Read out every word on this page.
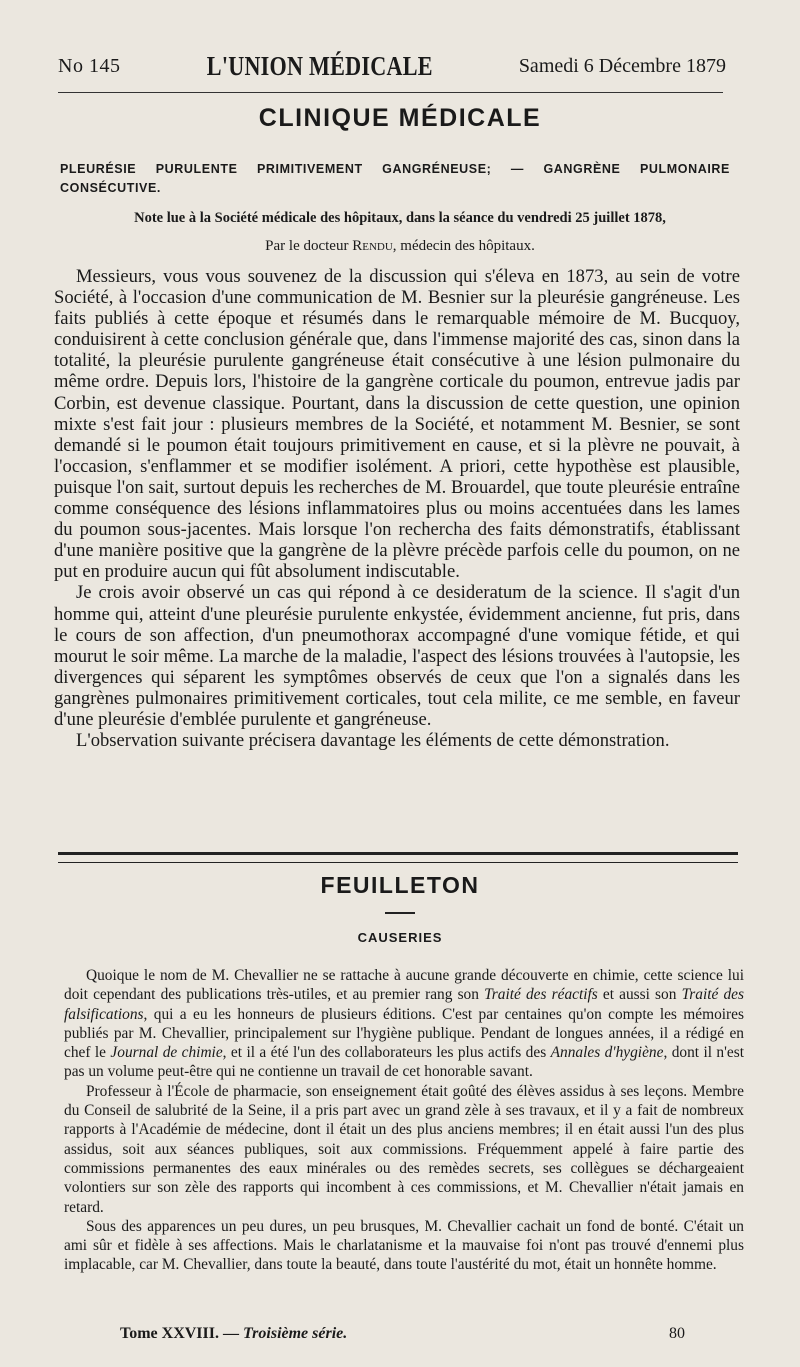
No 145	L'UNION MÉDICALE	Samedi 6 Décembre 1879
CLINIQUE MÉDICALE
PLEURÉSIE PURULENTE PRIMITIVEMENT GANGRÉNEUSE; — GANGRÈNE PULMONAIRE CONSÉCUTIVE.
Note lue à la Société médicale des hôpitaux, dans la séance du vendredi 25 juillet 1878,
Par le docteur Rendu, médecin des hôpitaux.

Messieurs, vous vous souvenez de la discussion qui s'éleva en 1873, au sein de votre Société, à l'occasion d'une communication de M. Besnier sur la pleurésie gangréneuse. Les faits publiés à cette époque et résumés dans le remarquable mémoire de M. Bucquoy, conduisirent à cette conclusion générale que, dans l'immense majorité des cas, sinon dans la totalité, la pleurésie purulente gangréneuse était consécutive à une lésion pulmonaire du même ordre. Depuis lors, l'histoire de la gangrène corticale du poumon, entrevue jadis par Corbin, est devenue classique. Pourtant, dans la discussion de cette question, une opinion mixte s'est fait jour : plusieurs membres de la Société, et notamment M. Besnier, se sont demandé si le poumon était toujours primitivement en cause, et si la plèvre ne pouvait, à l'occasion, s'enflammer et se modifier isolément. A priori, cette hypothèse est plausible, puisque l'on sait, surtout depuis les recherches de M. Brouardel, que toute pleurésie entraîne comme conséquence des lésions inflammatoires plus ou moins accentuées dans les lames du poumon sous-jacentes. Mais lorsque l'on rechercha des faits démonstratifs, établissant d'une manière positive que la gangrène de la plèvre précède parfois celle du poumon, on ne put en produire aucun qui fût absolument indiscutable.

Je crois avoir observé un cas qui répond à ce desideratum de la science. Il s'agit d'un homme qui, atteint d'une pleurésie purulente enkystée, évidemment ancienne, fut pris, dans le cours de son affection, d'un pneumothorax accompagné d'une vomique fétide, et qui mourut le soir même. La marche de la maladie, l'aspect des lésions trouvées à l'autopsie, les divergences qui séparent les symptômes observés de ceux que l'on a signalés dans les gangrènes pulmonaires primitivement corticales, tout cela milite, ce me semble, en faveur d'une pleurésie d'emblée purulente et gangréneuse.

L'observation suivante précisera davantage les éléments de cette démonstration.

FEUILLETON
CAUSERIES

Quoique le nom de M. Chevallier ne se rattache à aucune grande découverte en chimie, cette science lui doit cependant des publications très-utiles, et au premier rang son Traité des réactifs et aussi son Traité des falsifications, qui a eu les honneurs de plusieurs éditions. C'est par centaines qu'on compte les mémoires publiés par M. Chevallier, principalement sur l'hygiène publique. Pendant de longues années, il a rédigé en chef le Journal de chimie, et il a été l'un des collaborateurs les plus actifs des Annales d'hygiène, dont il n'est pas un volume peut-être qui ne contienne un travail de cet honorable savant.

Professeur à l'École de pharmacie, son enseignement était goûté des élèves assidus à ses leçons. Membre du Conseil de salubrité de la Seine, il a pris part avec un grand zèle à ses travaux, et il y a fait de nombreux rapports à l'Académie de médecine, dont il était un des plus anciens membres; il en était aussi l'un des plus assidus, soit aux séances publiques, soit aux commissions. Fréquemment appelé à faire partie des commissions permanentes des eaux minérales ou des remèdes secrets, ses collègues se déchargeaient volontiers sur son zèle des rapports qui incombent à ces commissions, et M. Chevallier n'était jamais en retard.

Sous des apparences un peu dures, un peu brusques, M. Chevallier cachait un fond de bonté. C'était un ami sûr et fidèle à ses affections. Mais le charlatanisme et la mauvaise foi n'ont pas trouvé d'ennemi plus implacable, car M. Chevallier, dans toute la beauté, dans toute l'austérité du mot, était un honnête homme.

Tome XXVIII. — Troisième série.	80
